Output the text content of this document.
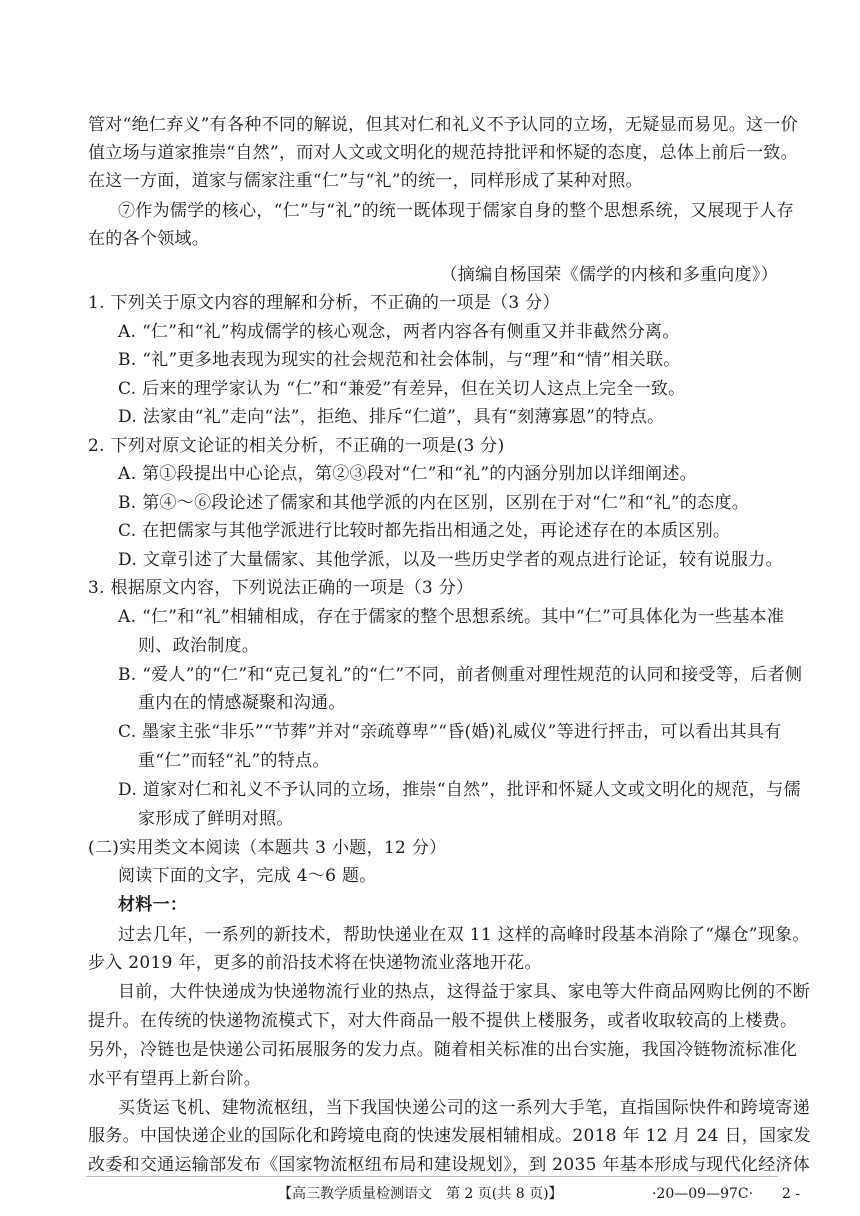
管对“绝仁弃义”有各种不同的解说，但其对仁和礼义不予认同的立场，无疑显而易见。这一价
值立场与道家推崇“自然”，而对人文或文明化的规范持批评和怀疑的态度，总体上前后一致。
在这一方面，道家与儒家注重“仁”与“礼”的统一，同样形成了某种对照。
⑦作为儒学的核心，“仁”与“礼”的统一既体现于儒家自身的整个思想系统，又展现于人存
在的各个领域。
（摘编自杨国荣《儒学的内核和多重向度》）
1. 下列关于原文内容的理解和分析，不正确的一项是（3 分）
A. “仁”和“礼”构成儒学的核心观念，两者内容各有侧重又并非截然分离。
B. “礼”更多地表现为现实的社会规范和社会体制，与“理”和“情”相关联。
C. 后来的理学家认为 “仁”和“兼爱”有差异，但在关切人这点上完全一致。
D. 法家由“礼”走向“法”，拒绝、排斥“仁道”，具有“刻薄寡恩”的特点。
2. 下列对原文论证的相关分析，不正确的一项是(3 分)
A. 第①段提出中心论点，第②③段对“仁”和“礼”的内涵分别加以详细阐述。
B. 第④～⑥段论述了儒家和其他学派的内在区别，区别在于对“仁”和“礼”的态度。
C. 在把儒家与其他学派进行比较时都先指出相通之处，再论述存在的本质区别。
D. 文章引述了大量儒家、其他学派，以及一些历史学者的观点进行论证，较有说服力。
3. 根据原文内容，下列说法正确的一项是（3 分）
A. “仁”和“礼”相辅相成，存在于儒家的整个思想系统。其中“仁”可具体化为一些基本准
则、政治制度。
B. “爱人”的“仁”和“克己复礼”的“仁”不同，前者侧重对理性规范的认同和接受等，后者侧
重内在的情感凝聚和沟通。
C. 墨家主张“非乐”“节葬”并对“亲疏尊卑”“昏(婚)礼威仪”等进行抨击，可以看出其具有
重“仁”而轻“礼”的特点。
D. 道家对仁和礼义不予认同的立场，推崇“自然”，批评和怀疑人文或文明化的规范，与儒
家形成了鲜明对照。
(二)实用类文本阅读（本题共 3 小题，12 分）
阅读下面的文字，完成 4～6 题。
材料一：
过去几年，一系列的新技术，帮助快递业在双 11 这样的高峰时段基本消除了“爆仓”现象。
步入 2019 年，更多的前沿技术将在快递物流业落地开花。
目前，大件快递成为快递物流行业的热点，这得益于家具、家电等大件商品网购比例的不断
提升。在传统的快递物流模式下，对大件商品一般不提供上楼服务，或者收取较高的上楼费。
另外，冷链也是快递公司拓展服务的发力点。随着相关标准的出台实施，我国冷链物流标准化
水平有望再上新台阶。
买货运飞机、建物流枢纽，当下我国快递公司的这一系列大手笔，直指国际快件和跨境寄递
服务。中国快递企业的国际化和跨境电商的快速发展相辅相成。2018 年 12 月 24 日，国家发
改委和交通运输部发布《国家物流枢纽布局和建设规划》，到 2035 年基本形成与现代化经济体
【高三教学质量检测语文　第 2 页(共 8 页)】	·20—09—97C· 2 -
